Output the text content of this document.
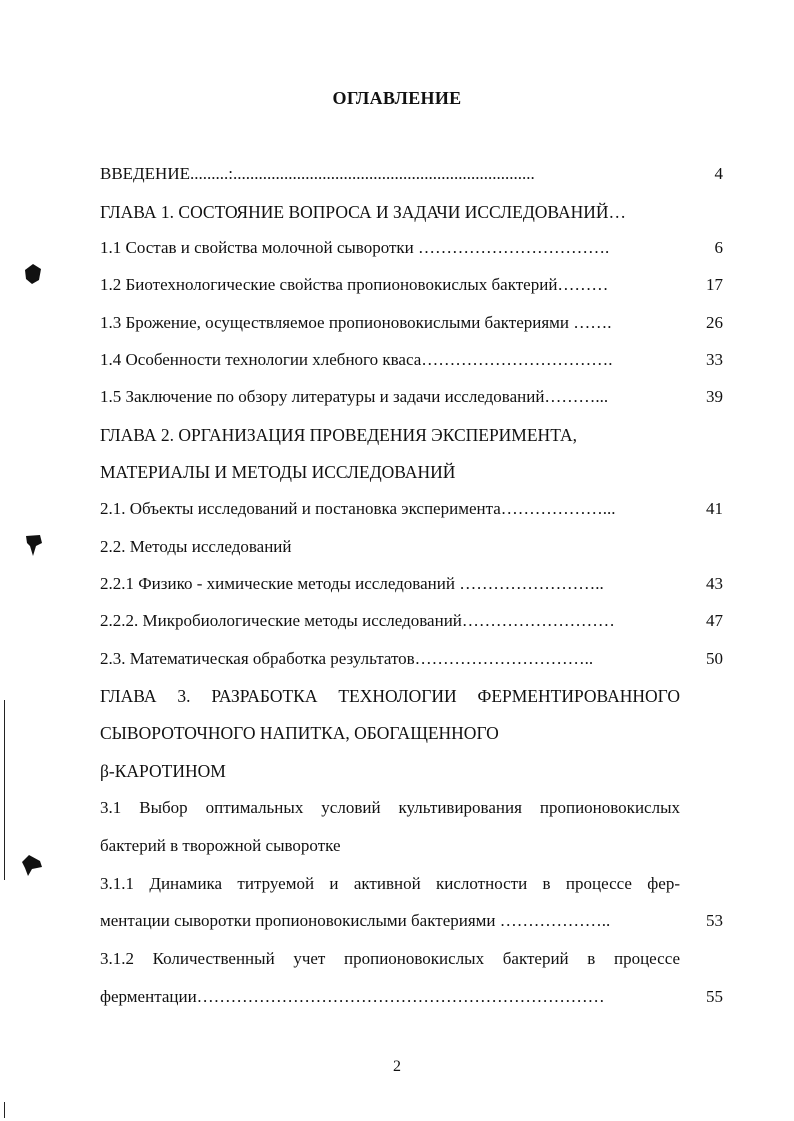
ОГЛАВЛЕНИЕ
ВВЕДЕНИЕ.........:.......................................................................	4
ГЛАВА 1. СОСТОЯНИЕ ВОПРОСА И ЗАДАЧИ ИССЛЕДОВАНИЙ…
1.1 Состав и свойства молочной сыворотки …………………………….	6
1.2 Биотехнологические свойства пропионовокислых бактерий………	17
1.3 Брожение, осуществляемое пропионовокислыми бактериями …….	26
1.4 Особенности технологии хлебного кваса…………………………….	33
1.5 Заключение по обзору литературы и задачи исследований………...	39
ГЛАВА 2. ОРГАНИЗАЦИЯ ПРОВЕДЕНИЯ ЭКСПЕРИМЕНТА,
МАТЕРИАЛЫ И МЕТОДЫ ИССЛЕДОВАНИЙ
2.1. Объекты исследований и постановка эксперимента………………...	41
2.2. Методы исследований
2.2.1 Физико - химические методы исследований ……………………..	43
2.2.2. Микробиологические методы исследований………………………	47
2.3. Математическая обработка результатов…………………………..	50
ГЛАВА 3. РАЗРАБОТКА ТЕХНОЛОГИИ ФЕРМЕНТИРОВАННОГО
СЫВОРОТОЧНОГО НАПИТКА, ОБОГАЩЕННОГО
β-КАРОТИНОМ
3.1 Выбор оптимальных условий культивирования пропионовокислых
бактерий в творожной сыворотке
3.1.1 Динамика титруемой и активной кислотности в процессе фер-
ментации сыворотки пропионовокислыми бактериями ………………..	53
3.1.2 Количественный учет пропионовокислых бактерий в процессе
ферментации………………………………………………………………	55
2
